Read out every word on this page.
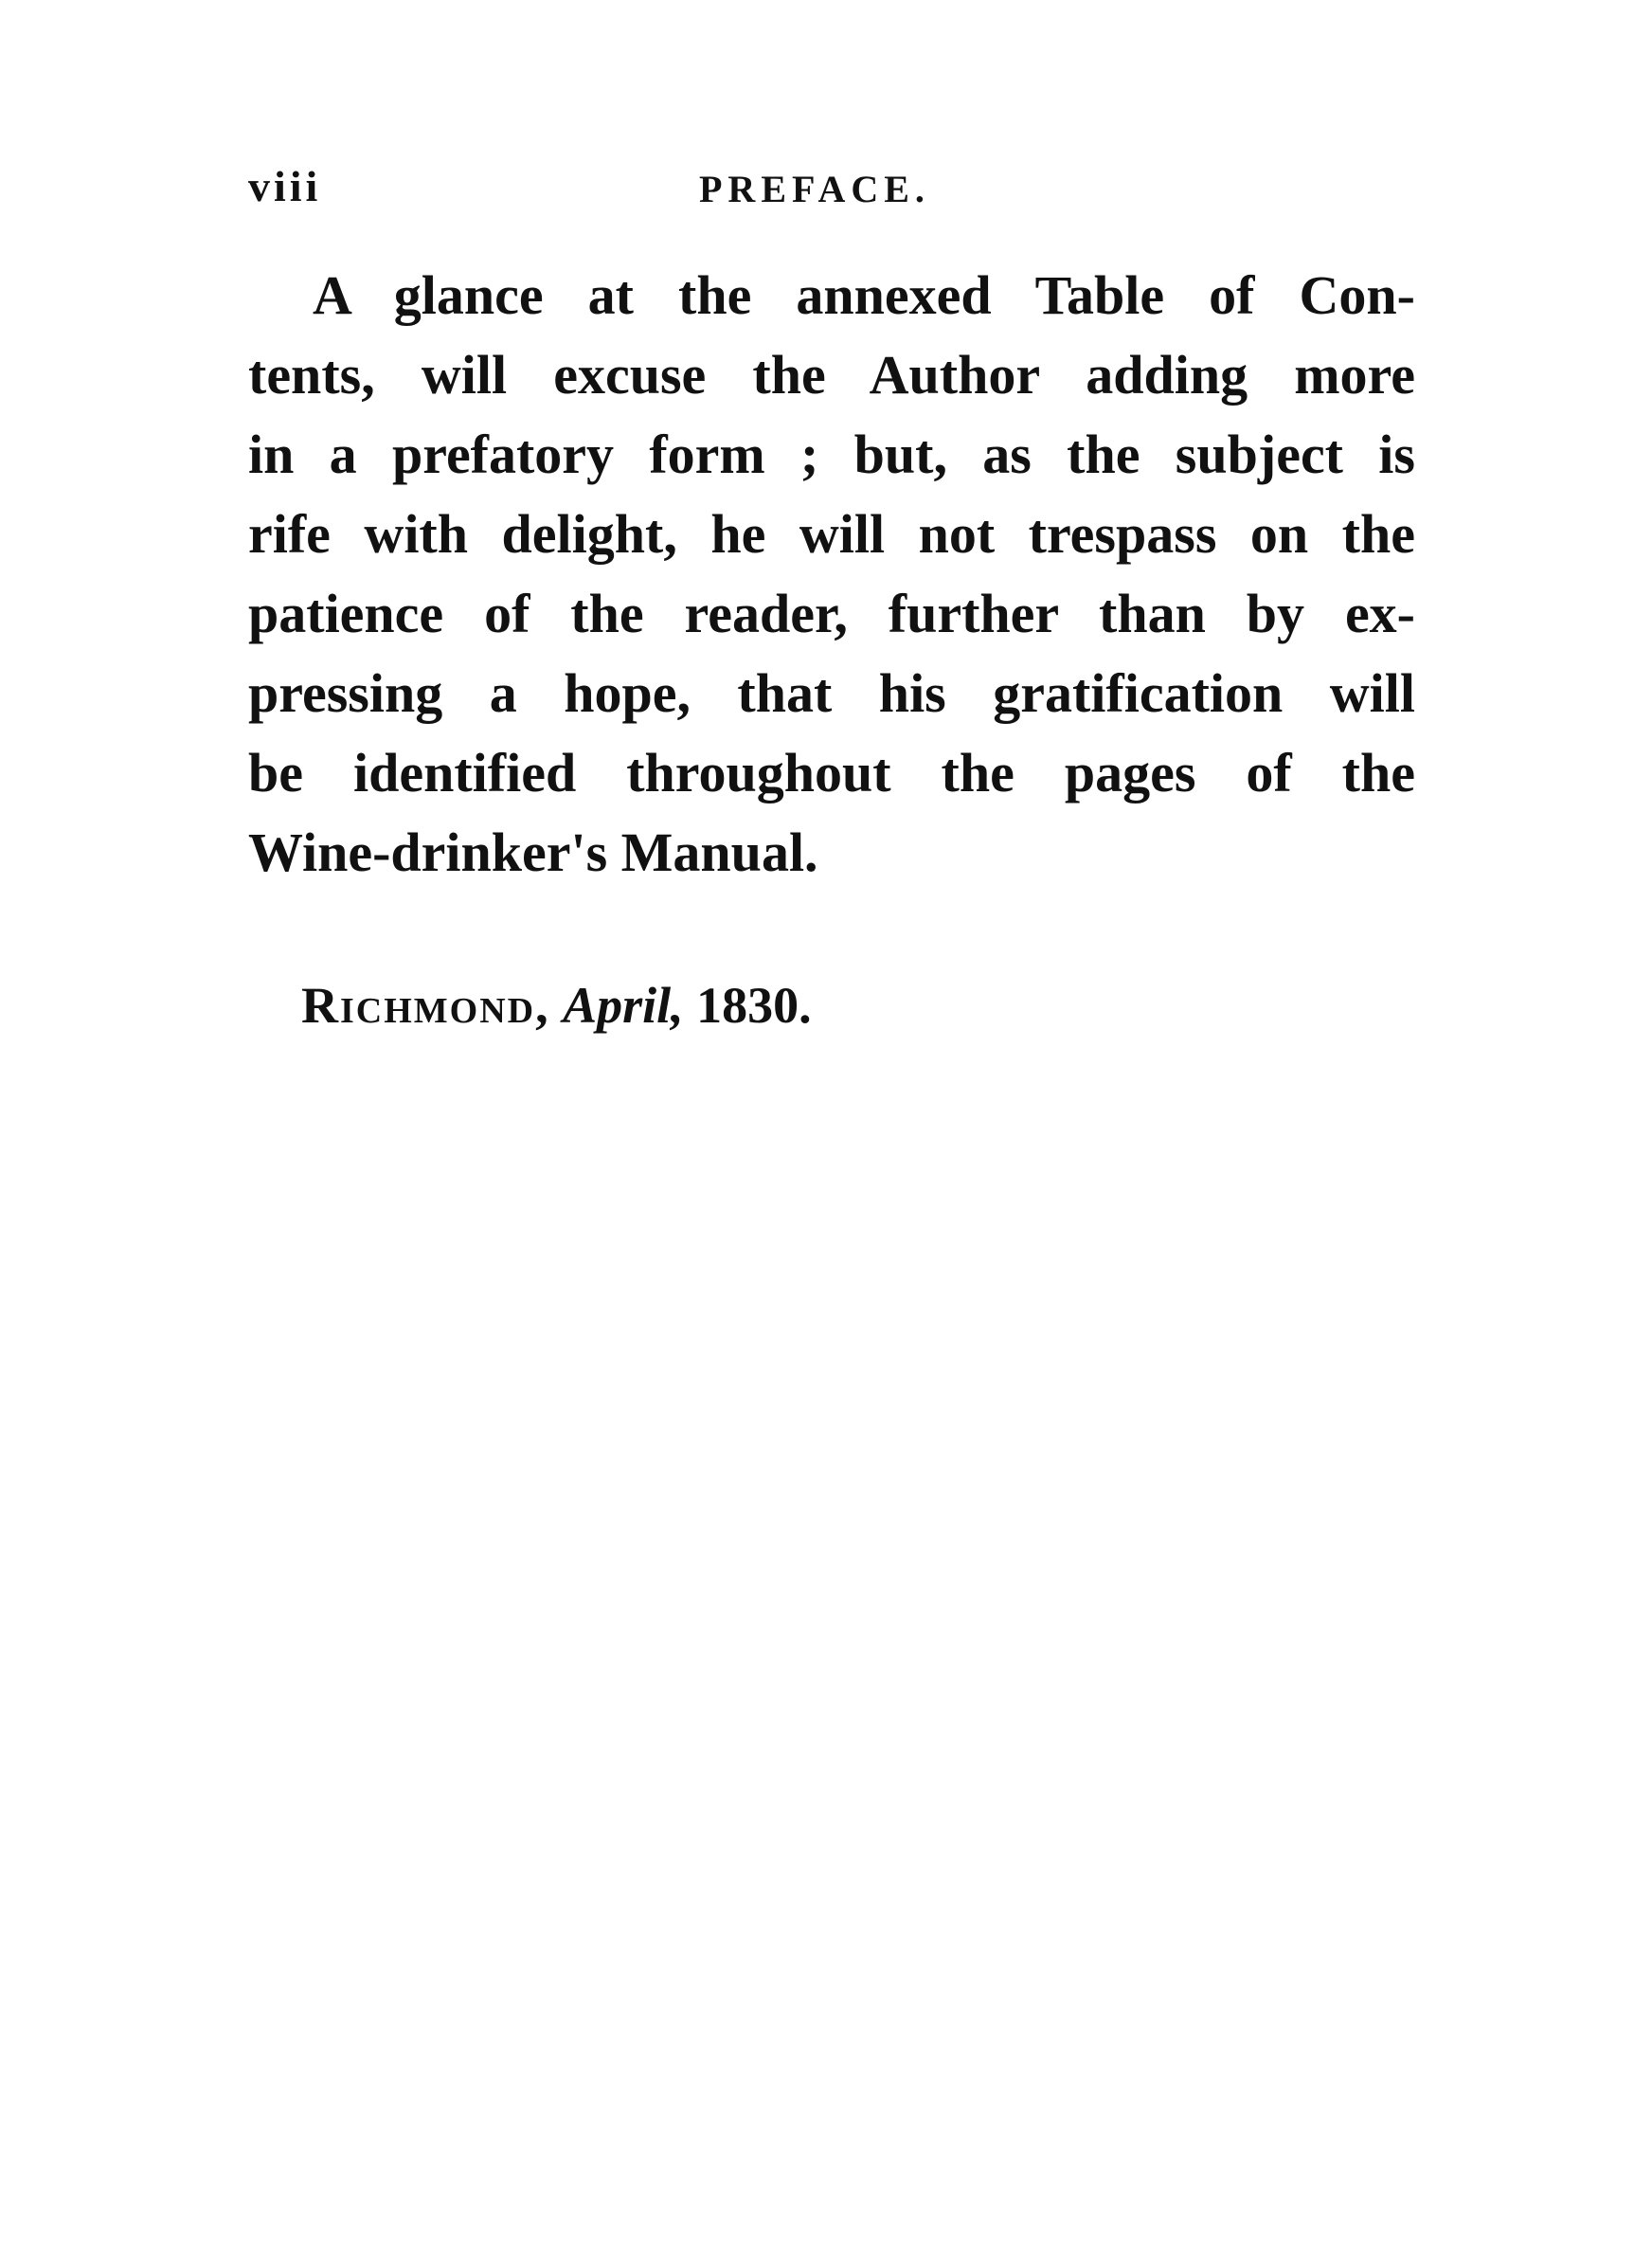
viii	PREFACE.
A glance at the annexed Table of Con-
tents, will excuse the Author adding more
in a prefatory form ; but, as the subject is
rife with delight, he will not trespass on the
patience of the reader, further than by ex-
pressing a hope, that his gratification will
be identified throughout the pages of the
Wine-drinker's Manual.
Richmond, April, 1830.
